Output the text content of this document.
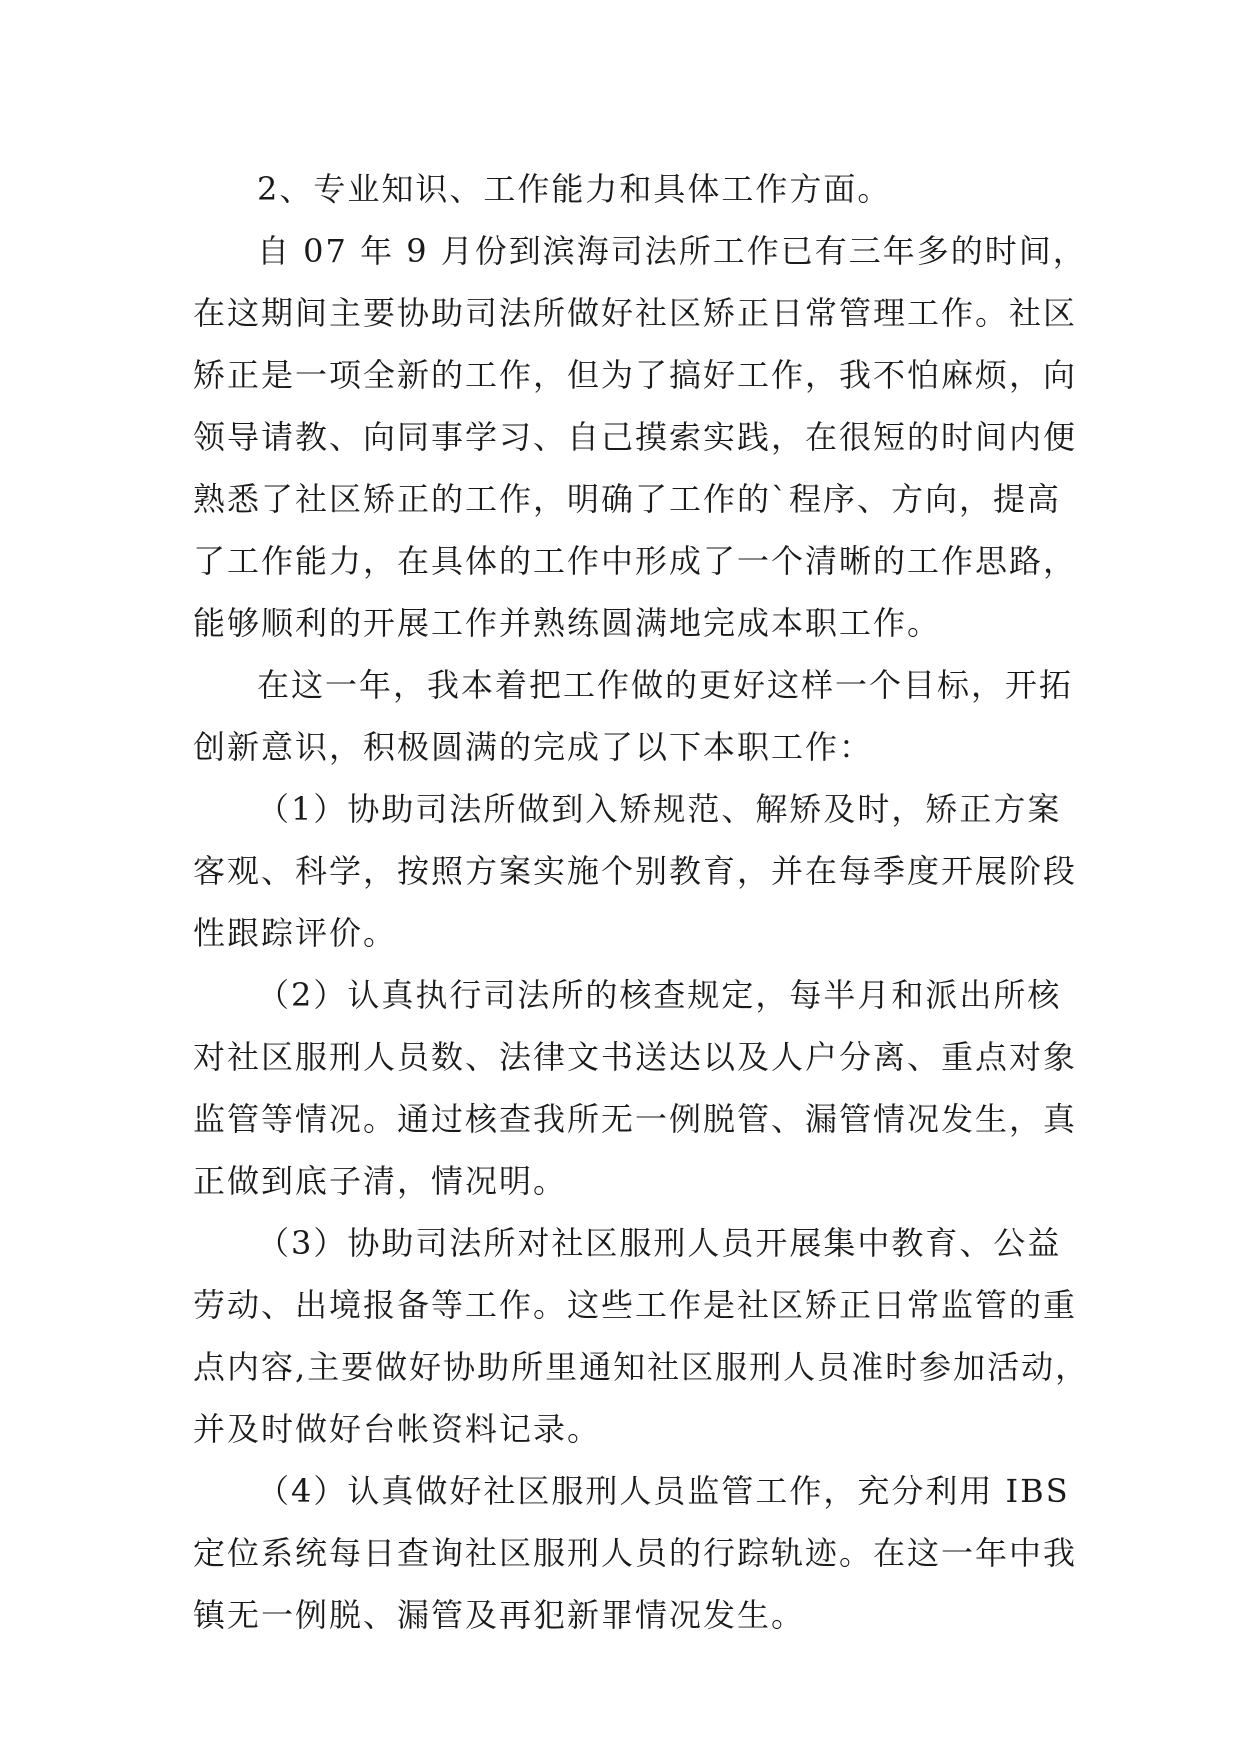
2、专业知识、工作能力和具体工作方面。
自 07 年 9 月份到滨海司法所工作已有三年多的时间，
在这期间主要协助司法所做好社区矫正日常管理工作。社区
矫正是一项全新的工作，但为了搞好工作，我不怕麻烦，向
领导请教、向同事学习、自己摸索实践，在很短的时间内便
熟悉了社区矫正的工作，明确了工作的`程序、方向，提高
了工作能力，在具体的工作中形成了一个清晰的工作思路，
能够顺利的开展工作并熟练圆满地完成本职工作。
在这一年，我本着把工作做的更好这样一个目标，开拓
创新意识，积极圆满的完成了以下本职工作：
（1）协助司法所做到入矫规范、解矫及时，矫正方案
客观、科学，按照方案实施个别教育，并在每季度开展阶段
性跟踪评价。
（2）认真执行司法所的核查规定，每半月和派出所核
对社区服刑人员数、法律文书送达以及人户分离、重点对象
监管等情况。通过核查我所无一例脱管、漏管情况发生，真
正做到底子清，情况明。
（3）协助司法所对社区服刑人员开展集中教育、公益
劳动、出境报备等工作。这些工作是社区矫正日常监管的重
点内容,主要做好协助所里通知社区服刑人员准时参加活动，
并及时做好台帐资料记录。
（4）认真做好社区服刑人员监管工作，充分利用 IBS
定位系统每日查询社区服刑人员的行踪轨迹。在这一年中我
镇无一例脱、漏管及再犯新罪情况发生。
